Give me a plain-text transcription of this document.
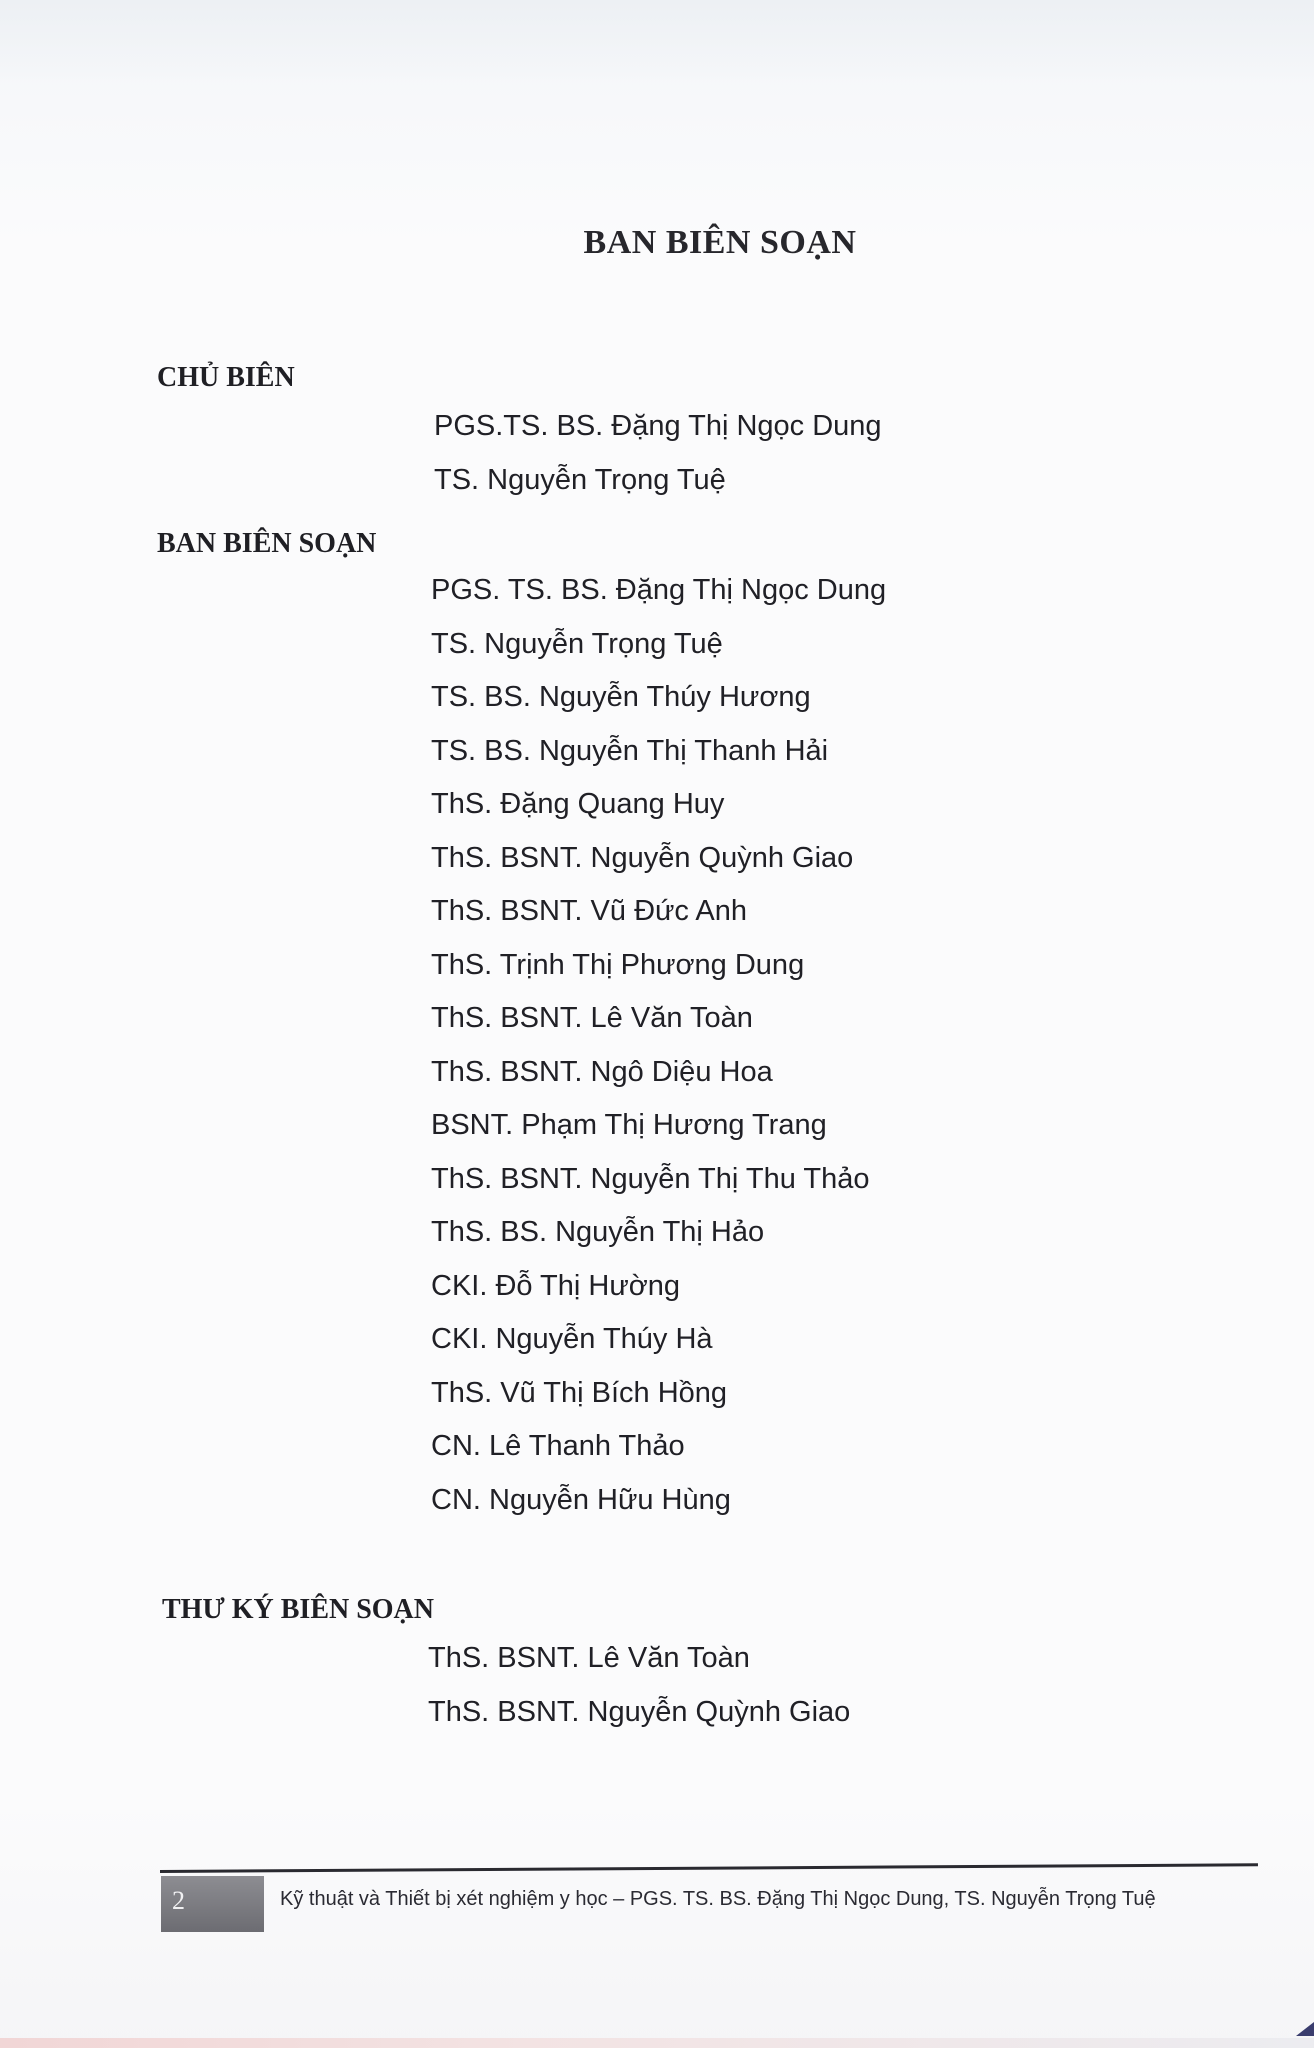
BAN BIÊN SOẠN
CHỦ BIÊN
PGS.TS. BS. Đặng Thị Ngọc Dung
TS. Nguyễn Trọng Tuệ
BAN BIÊN SOẠN
PGS. TS. BS. Đặng Thị Ngọc Dung
TS. Nguyễn Trọng Tuệ
TS. BS. Nguyễn Thúy Hương
TS. BS. Nguyễn Thị Thanh Hải
ThS. Đặng Quang Huy
ThS. BSNT. Nguyễn Quỳnh Giao
ThS. BSNT. Vũ Đức Anh
ThS. Trịnh Thị Phương Dung
ThS. BSNT. Lê Văn Toàn
ThS. BSNT. Ngô Diệu Hoa
BSNT. Phạm Thị Hương Trang
ThS. BSNT. Nguyễn Thị Thu Thảo
ThS. BS. Nguyễn Thị Hảo
CKI. Đỗ Thị Hường
CKI. Nguyễn Thúy Hà
ThS. Vũ Thị Bích Hồng
CN. Lê Thanh Thảo
CN. Nguyễn Hữu Hùng
THƯ KÝ BIÊN SOẠN
ThS. BSNT. Lê Văn Toàn
ThS. BSNT. Nguyễn Quỳnh Giao
2	Kỹ thuật và Thiết bị xét nghiệm y học – PGS. TS. BS. Đặng Thị Ngọc Dung, TS. Nguyễn Trọng Tuệ
